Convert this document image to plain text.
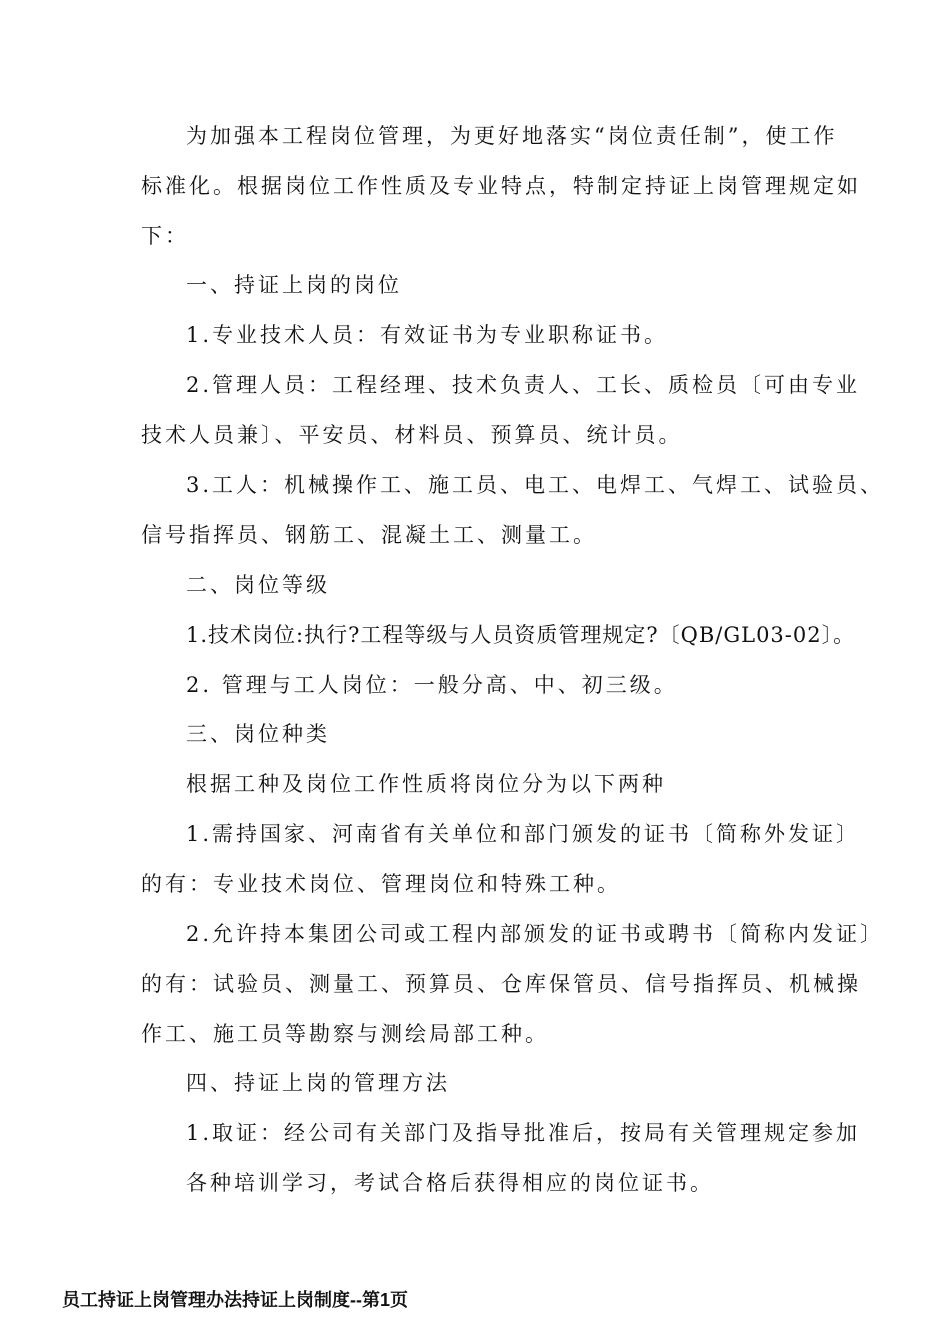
为加强本工程岗位管理，为更好地落实“岗位责任制”，使工作
标准化。根据岗位工作性质及专业特点，特制定持证上岗管理规定如
下：
一、持证上岗的岗位
1.专业技术人员：有效证书为专业职称证书。
2.管理人员：工程经理、技术负责人、工长、质检员〔可由专业
技术人员兼〕、平安员、材料员、预算员、统计员。
3.工人：机械操作工、施工员、电工、电焊工、气焊工、试验员、
信号指挥员、钢筋工、混凝土工、测量工。
二、岗位等级
1.技术岗位:执行?工程等级与人员资质管理规定?〔QB/GL03-02〕。
2. 管理与工人岗位：一般分高、中、初三级。
三、岗位种类
根据工种及岗位工作性质将岗位分为以下两种
1.需持国家、河南省有关单位和部门颁发的证书〔简称外发证〕
的有：专业技术岗位、管理岗位和特殊工种。
2.允许持本集团公司或工程内部颁发的证书或聘书〔简称内发证〕
的有：试验员、测量工、预算员、仓库保管员、信号指挥员、机械操
作工、施工员等勘察与测绘局部工种。
四、持证上岗的管理方法
1.取证：经公司有关部门及指导批准后，按局有关管理规定参加
各种培训学习，考试合格后获得相应的岗位证书。
员工持证上岗管理办法持证上岗制度--第1页
